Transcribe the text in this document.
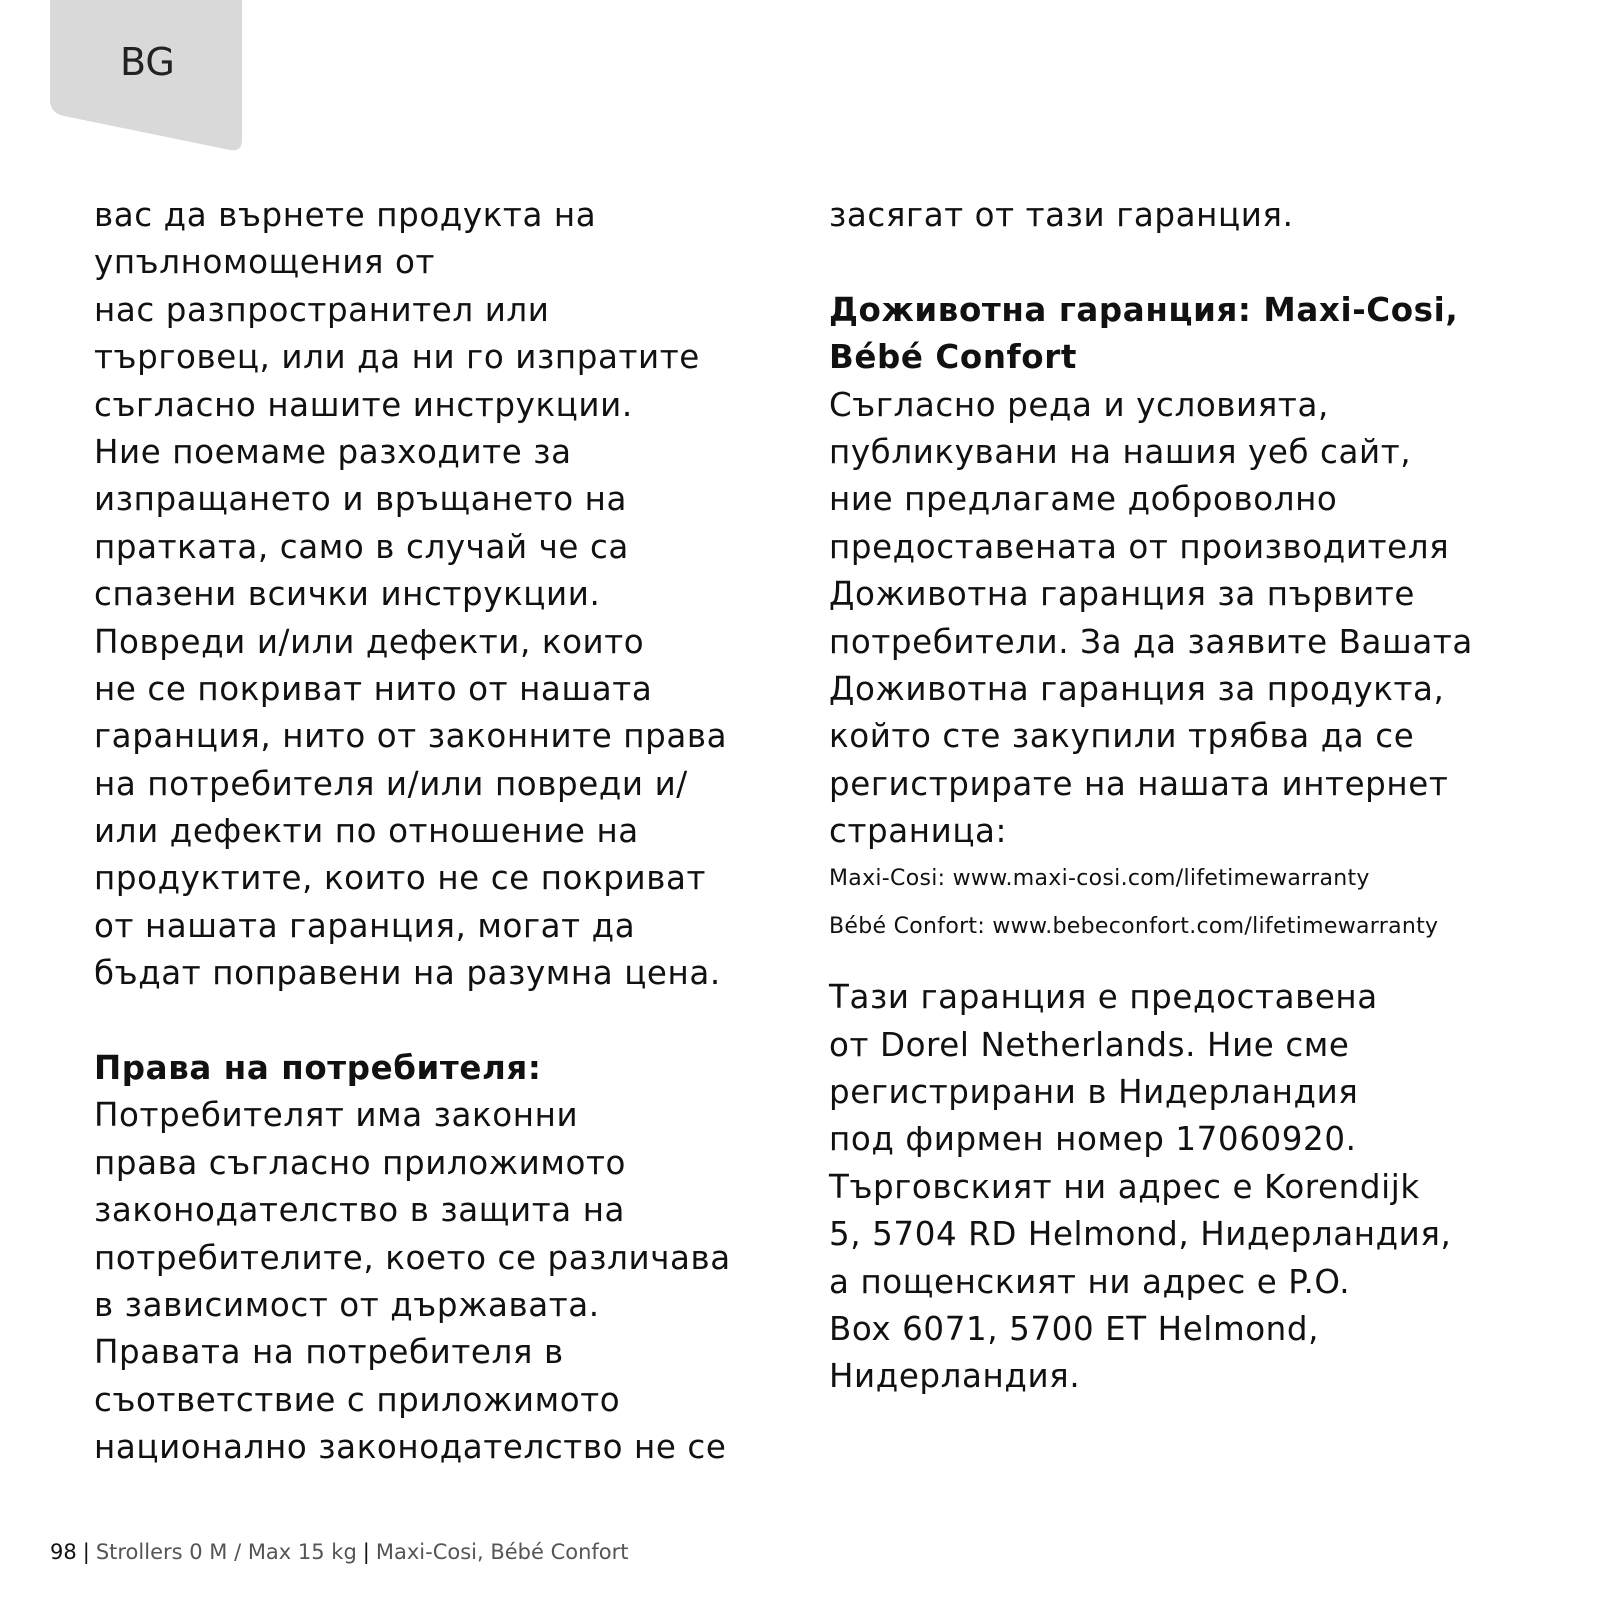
BG
вас да върнете продукта на
упълномощения от
нас разпространител или
търговец, или да ни го изпратите
съгласно нашите инструкции.
Ние поемаме разходите за
изпращането и връщането на
пратката, само в случай че са
спазени всички инструкции.
Повреди и/или дефекти, които
не се покриват нито от нашата
гаранция, нито от законните права
на потребителя и/или повреди и/
или дефекти по отношение на
продуктите, които не се покриват
от нашата гаранция, могат да
бъдат поправени на разумна цена.
Права на потребителя:
Потребителят има законни
права съгласно приложимото
законодателство в защита на
потребителите, което се различава
в зависимост от държавата.
Правата на потребителя в
съответствие с приложимото
национално законодателство не се
засягат от тази гаранция.
Доживотна гаранция: Maxi-Cosi,
Bébé Confort
Съгласно реда и условията,
публикувани на нашия уеб сайт,
ние предлагаме доброволно
предоставената от производителя
Доживотна гаранция за първите
потребители. За да заявите Вашата
Доживотна гаранция за продукта,
който сте закупили трябва да се
регистрирате на нашата интернет
страница:
Maxi-Cosi: www.maxi-cosi.com/lifetimewarranty
Bébé Confort: www.bebeconfort.com/lifetimewarranty
Тази гаранция е предоставена
от Dorel Netherlands. Ние сме
регистрирани в Нидерландия
под фирмен номер 17060920.
Търговският ни адрес е Korendijk
5, 5704 RD Helmond, Нидерландия,
а пощенският ни адрес е P.O.
Box 6071, 5700 ET Helmond,
Нидерландия.
98 | Strollers 0 M / Max 15 kg | Maxi-Cosi, Bébé Confort
